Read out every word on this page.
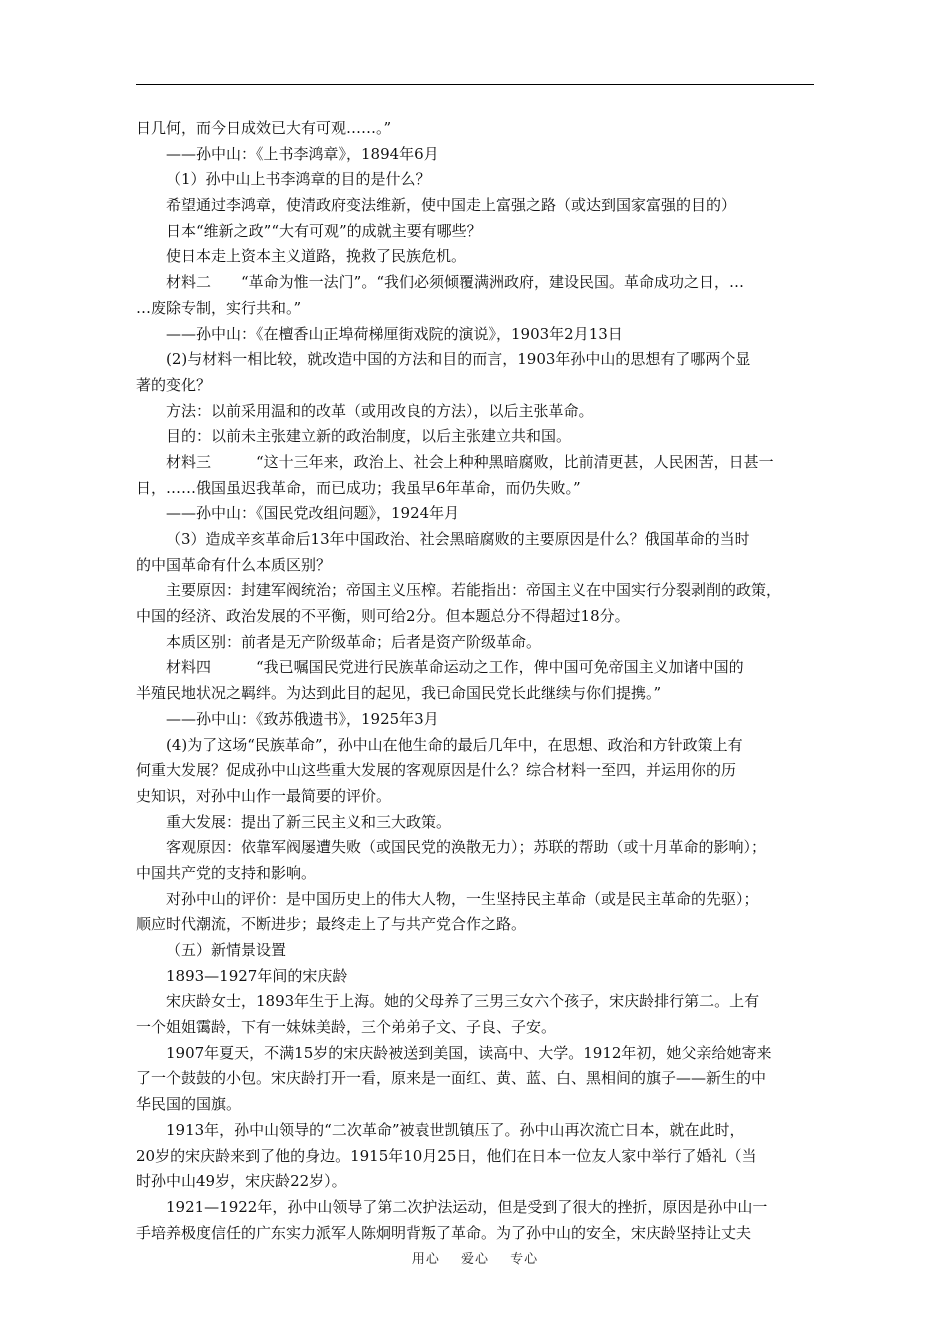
日几何，而今日成效已大有可观……。”
——孙中山：《上书李鸿章》，1894年6月
（1）孙中山上书李鸿章的目的是什么？
希望通过李鸿章，使清政府变法维新，使中国走上富强之路（或达到国家富强的目的）
日本“维新之政”“大有可观”的成就主要有哪些？
使日本走上资本主义道路，挽救了民族危机。
材料二　　“革命为惟一法门”。“我们必须倾覆满洲政府，建设民国。革命成功之日，…
…废除专制，实行共和。”
——孙中山：《在檀香山正埠荷梯厘街戏院的演说》，1903年2月13日
(2)与材料一相比较，就改造中国的方法和目的而言，1903年孙中山的思想有了哪两个显
著的变化？
方法：以前采用温和的改革（或用改良的方法），以后主张革命。
目的：以前未主张建立新的政治制度，以后主张建立共和国。
材料三　　　“这十三年来，政治上、社会上种种黑暗腐败，比前清更甚，人民困苦，日甚一
日，……俄国虽迟我革命，而已成功；我虽早6年革命，而仍失败。”
——孙中山：《国民党改组问题》，1924年月
（3）造成辛亥革命后13年中国政治、社会黑暗腐败的主要原因是什么？俄国革命的当时
的中国革命有什么本质区别？
主要原因：封建军阀统治；帝国主义压榨。若能指出：帝国主义在中国实行分裂剥削的政策，
中国的经济、政治发展的不平衡，则可给2分。但本题总分不得超过18分。
本质区别：前者是无产阶级革命；后者是资产阶级革命。
材料四　　　“我已嘱国民党进行民族革命运动之工作，俾中国可免帝国主义加诸中国的
半殖民地状况之羁绊。为达到此目的起见，我已命国民党长此继续与你们提携。”
——孙中山：《致苏俄遗书》，1925年3月
(4)为了这场“民族革命”，孙中山在他生命的最后几年中，在思想、政治和方针政策上有
何重大发展？促成孙中山这些重大发展的客观原因是什么？综合材料一至四，并运用你的历
史知识，对孙中山作一最简要的评价。
重大发展：提出了新三民主义和三大政策。
客观原因：依靠军阀屡遭失败（或国民党的涣散无力）；苏联的帮助（或十月革命的影响）；
中国共产党的支持和影响。
对孙中山的评价：是中国历史上的伟大人物，一生坚持民主革命（或是民主革命的先驱）；
顺应时代潮流，不断进步；最终走上了与共产党合作之路。
（五）新情景设置
1893—1927年间的宋庆龄
宋庆龄女士，1893年生于上海。她的父母养了三男三女六个孩子，宋庆龄排行第二。上有
一个姐姐霭龄，下有一妹妹美龄，三个弟弟子文、子良、子安。
1907年夏天，不满15岁的宋庆龄被送到美国，读高中、大学。1912年初，她父亲给她寄来
了一个鼓鼓的小包。宋庆龄打开一看，原来是一面红、黄、蓝、白、黑相间的旗子——新生的中
华民国的国旗。
1913年，孙中山领导的“二次革命”被袁世凯镇压了。孙中山再次流亡日本，就在此时，
20岁的宋庆龄来到了他的身边。1915年10月25日，他们在日本一位友人家中举行了婚礼（当
时孙中山49岁，宋庆龄22岁）。
1921—1922年，孙中山领导了第二次护法运动，但是受到了很大的挫折，原因是孙中山一
手培养极度信任的广东实力派军人陈炯明背叛了革命。为了孙中山的安全，宋庆龄坚持让丈夫
用心 爱心 专心
